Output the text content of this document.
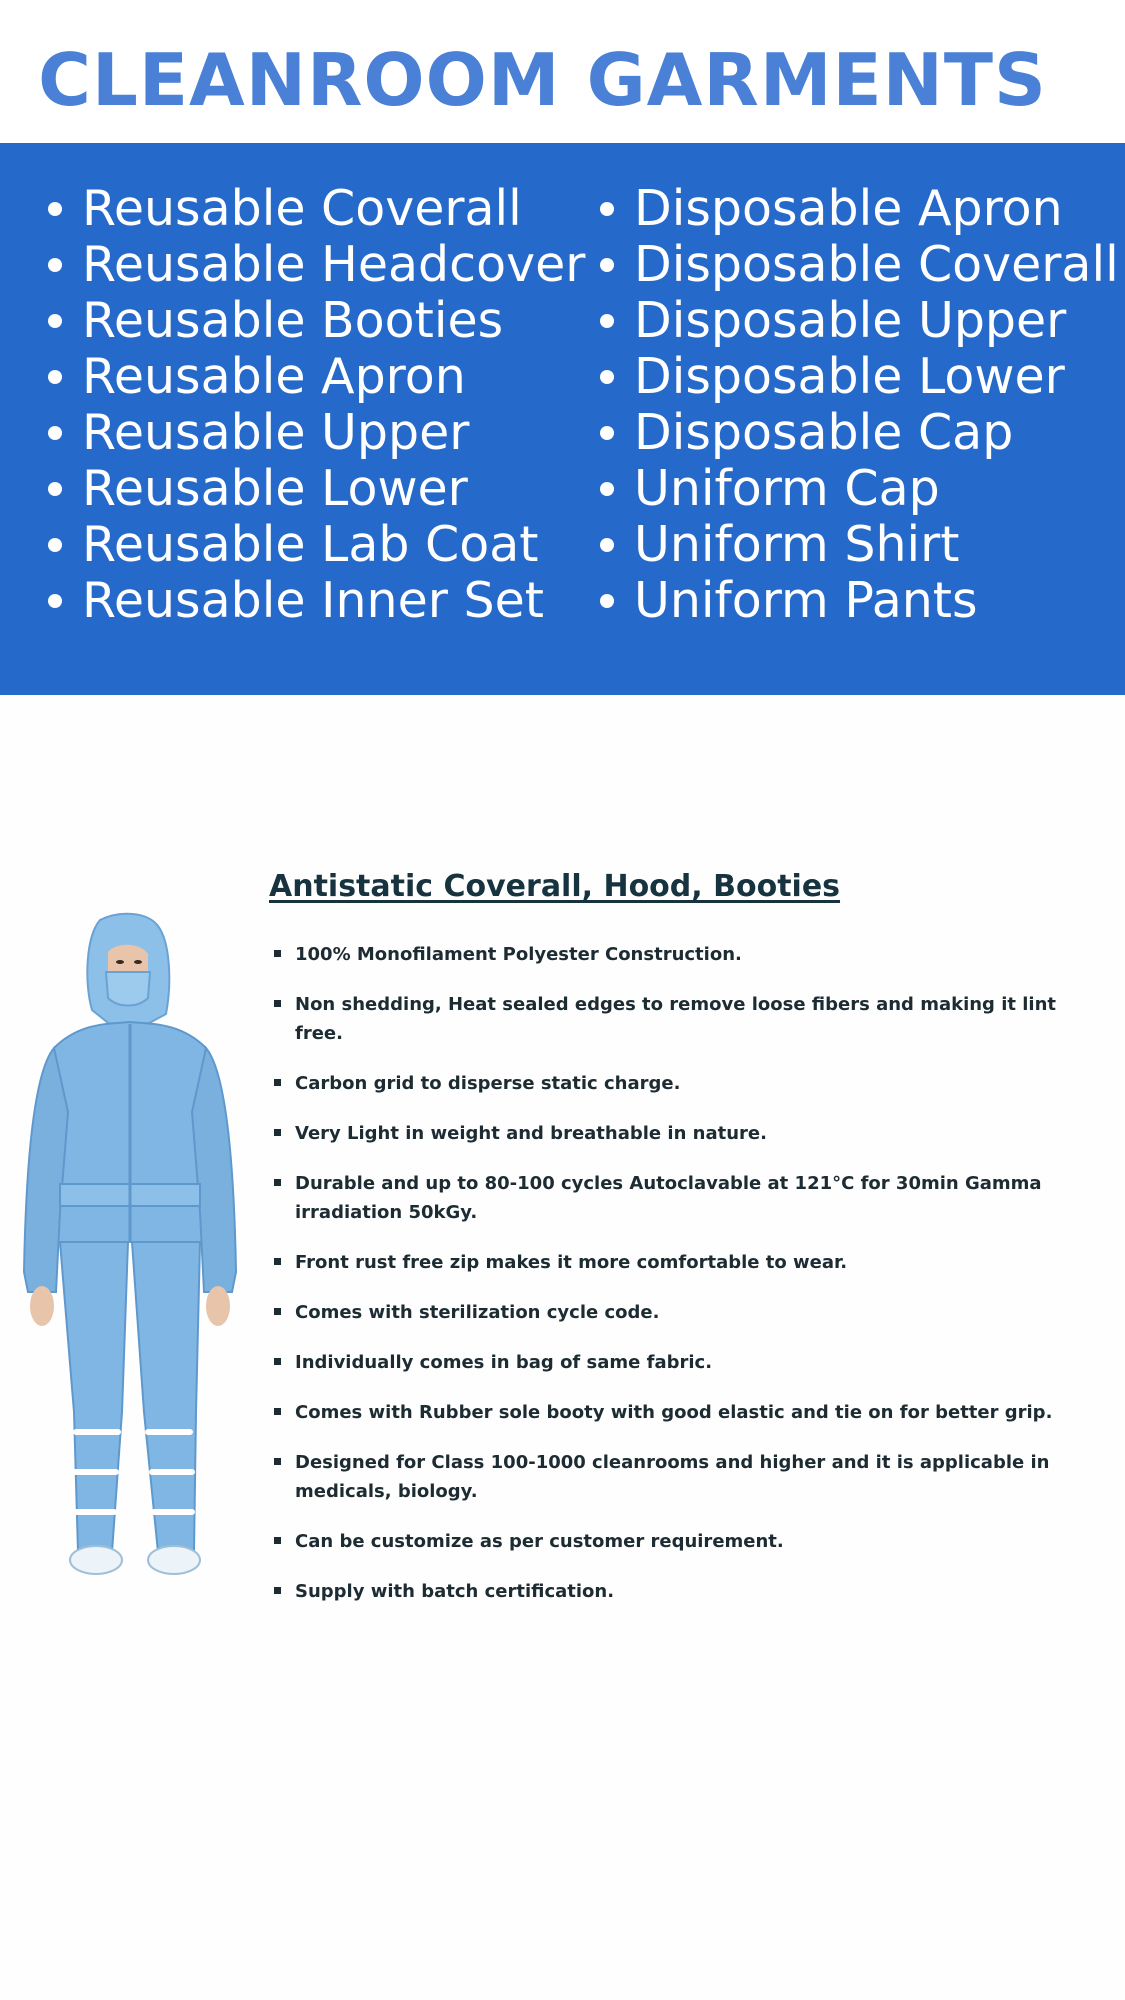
CLEANROOM GARMENTS
Reusable Coverall
Reusable Headcover
Reusable Booties
Reusable Apron
Reusable Upper
Reusable Lower
Reusable Lab Coat
Reusable Inner Set
Disposable Apron
Disposable Coverall
Disposable Upper
Disposable Lower
Disposable Cap
Uniform Cap
Uniform Shirt
Uniform Pants
Antistatic Coverall, Hood, Booties
100% Monofilament Polyester Construction.
Non shedding, Heat sealed edges to remove loose fibers and making it lint free.
Carbon grid to disperse static charge.
Very Light in weight and breathable in nature.
Durable and up to 80-100 cycles Autoclavable at 121°C for 30min Gamma irradiation 50kGy.
Front rust free zip makes it more comfortable to wear.
Comes with sterilization cycle code.
Individually comes in bag of same fabric.
Comes with Rubber sole booty with good elastic and tie on for better grip.
Designed for Class 100-1000 cleanrooms and higher and it is applicable in medicals, biology.
Can be customize as per customer requirement.
Supply with batch certification.
